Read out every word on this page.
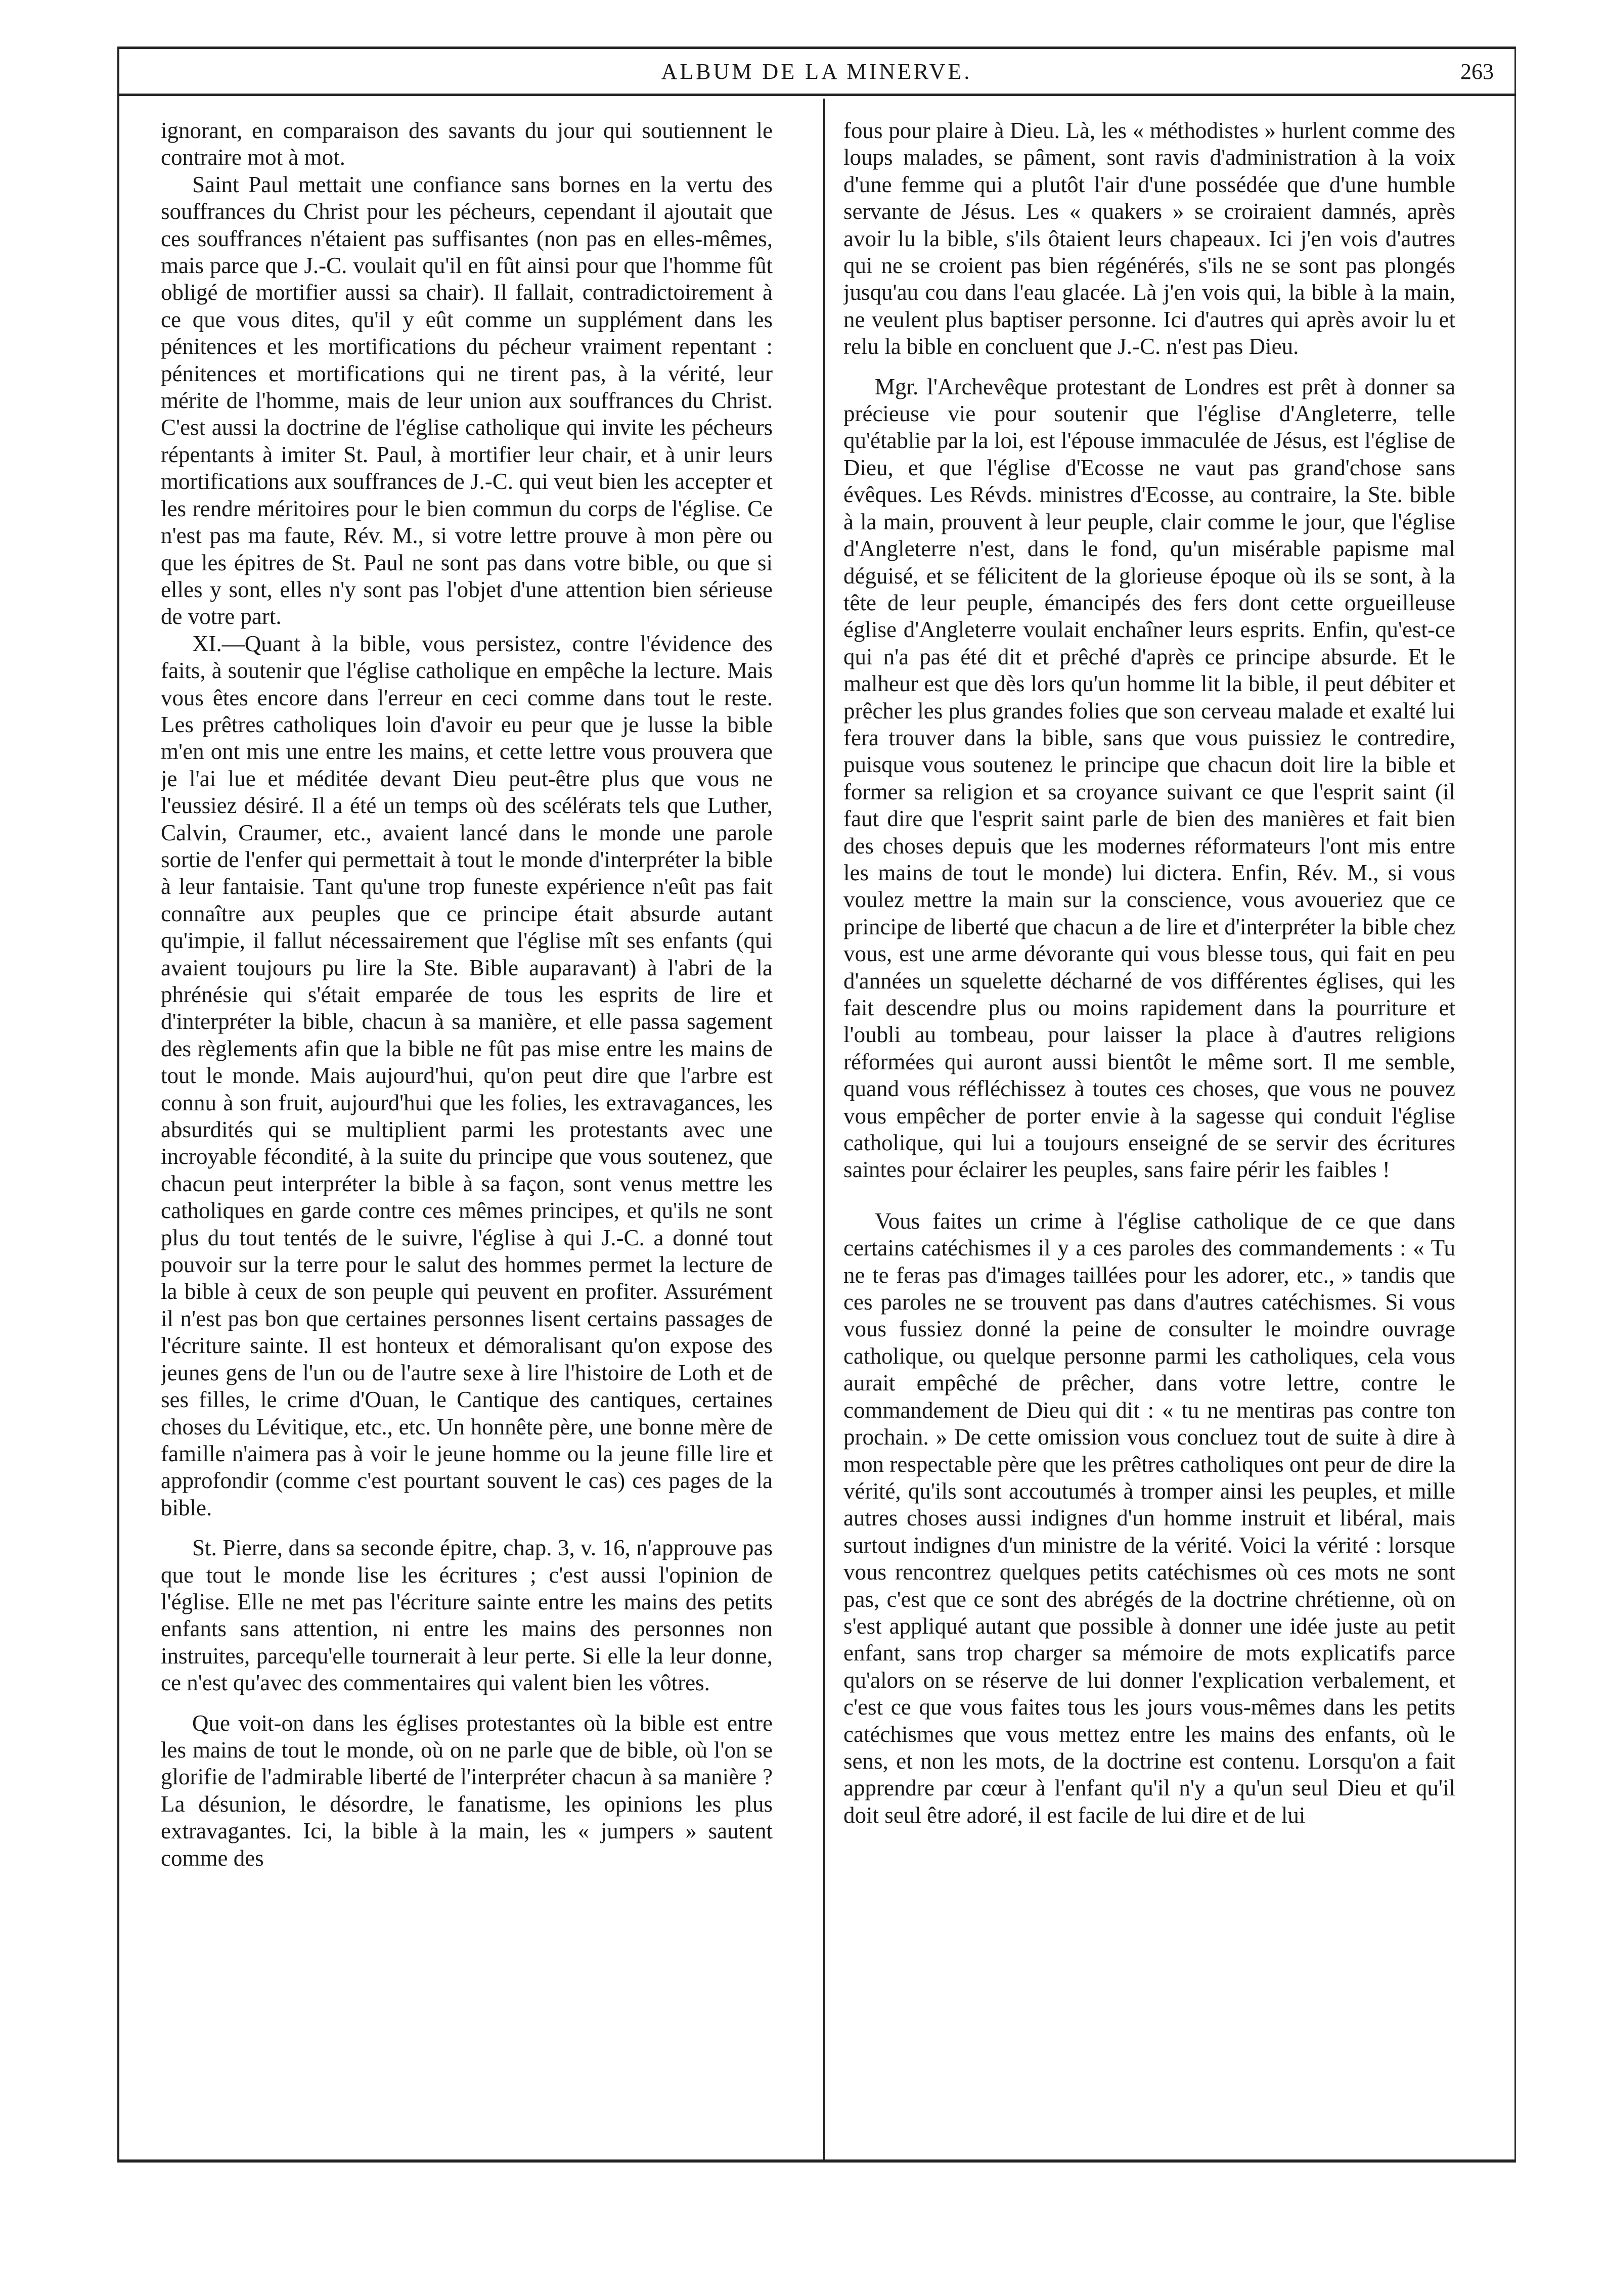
ALBUM DE LA MINERVE.	263

ignorant, en comparaison des savants du jour qui soutiennent le contraire mot à mot.

Saint Paul mettait une confiance sans bornes en la vertu des souffrances du Christ pour les pécheurs, cependant il ajoutait que ces souffrances n'étaient pas suffisantes (non pas en elles-mêmes, mais parce que J.-C. voulait qu'il en fût ainsi pour que l'homme fût obligé de mortifier aussi sa chair). Il fallait, contradictoirement à ce que vous dites, qu'il y eût comme un supplément dans les pénitences et les mortifications du pécheur vraiment repentant : pénitences et mortifications qui ne tirent pas, à la vérité, leur mérite de l'homme, mais de leur union aux souffrances du Christ. C'est aussi la doctrine de l'église catholique qui invite les pécheurs répentants à imiter St. Paul, à mortifier leur chair, et à unir leurs mortifications aux souffrances de J.-C. qui veut bien les accepter et les rendre méritoires pour le bien commun du corps de l'église. Ce n'est pas ma faute, Rév. M., si votre lettre prouve à mon père ou que les épitres de St. Paul ne sont pas dans votre bible, ou que si elles y sont, elles n'y sont pas l'objet d'une attention bien sérieuse de votre part.

XI.—Quant à la bible, vous persistez, contre l'évidence des faits, à soutenir que l'église catholique en empêche la lecture. Mais vous êtes encore dans l'erreur en ceci comme dans tout le reste. Les prêtres catholiques loin d'avoir eu peur que je lusse la bible m'en ont mis une entre les mains, et cette lettre vous prouvera que je l'ai lue et méditée devant Dieu peut-être plus que vous ne l'eussiez désiré. Il a été un temps où des scélérats tels que Luther, Calvin, Craumer, etc., avaient lancé dans le monde une parole sortie de l'enfer qui permettait à tout le monde d'interpréter la bible à leur fantaisie. Tant qu'une trop funeste expérience n'eût pas fait connaître aux peuples que ce principe était absurde autant qu'impie, il fallut nécessairement que l'église mît ses enfants (qui avaient toujours pu lire la Ste. Bible auparavant) à l'abri de la phrénésie qui s'était emparée de tous les esprits de lire et d'interpréter la bible, chacun à sa manière, et elle passa sagement des règlements afin que la bible ne fût pas mise entre les mains de tout le monde. Mais aujourd'hui, qu'on peut dire que l'arbre est connu à son fruit, aujourd'hui que les folies, les extravagances, les absurdités qui se multiplient parmi les protestants avec une incroyable fécondité, à la suite du principe que vous soutenez, que chacun peut interpréter la bible à sa façon, sont venus mettre les catholiques en garde contre ces mêmes principes, et qu'ils ne sont plus du tout tentés de le suivre, l'église à qui J.-C. a donné tout pouvoir sur la terre pour le salut des hommes permet la lecture de la bible à ceux de son peuple qui peuvent en profiter. Assurément il n'est pas bon que certaines personnes lisent certains passages de l'écriture sainte. Il est honteux et démoralisant qu'on expose des jeunes gens de l'un ou de l'autre sexe à lire l'histoire de Loth et de ses filles, le crime d'Ouan, le Cantique des cantiques, certaines choses du Lévitique, etc., etc. Un honnête père, une bonne mère de famille n'aimera pas à voir le jeune homme ou la jeune fille lire et approfondir (comme c'est pourtant souvent le cas) ces pages de la bible.

St. Pierre, dans sa seconde épitre, chap. 3, v. 16, n'approuve pas que tout le monde lise les écritures ; c'est aussi l'opinion de l'église. Elle ne met pas l'écriture sainte entre les mains des petits enfants sans attention, ni entre les mains des personnes non instruites, parcequ'elle tournerait à leur perte. Si elle la leur donne, ce n'est qu'avec des commentaires qui valent bien les vôtres.

Que voit-on dans les églises protestantes où la bible est entre les mains de tout le monde, où on ne parle que de bible, où l'on se glorifie de l'admirable liberté de l'interpréter chacun à sa manière ? La désunion, le désordre, le fanatisme, les opinions les plus extravagantes. Ici, la bible à la main, les « jumpers » sautent comme des

fous pour plaire à Dieu. Là, les « méthodistes » hurlent comme des loups malades, se pâment, sont ravis d'administration à la voix d'une femme qui a plutôt l'air d'une possédée que d'une humble servante de Jésus. Les « quakers » se croiraient damnés, après avoir lu la bible, s'ils ôtaient leurs chapeaux. Ici j'en vois d'autres qui ne se croient pas bien régénérés, s'ils ne se sont pas plongés jusqu'au cou dans l'eau glacée. Là j'en vois qui, la bible à la main, ne veulent plus baptiser personne. Ici d'autres qui après avoir lu et relu la bible en concluent que J.-C. n'est pas Dieu.

Mgr. l'Archevêque protestant de Londres est prêt à donner sa précieuse vie pour soutenir que l'église d'Angleterre, telle qu'établie par la loi, est l'épouse immaculée de Jésus, est l'église de Dieu, et que l'église d'Ecosse ne vaut pas grand'chose sans évêques. Les Révds. ministres d'Ecosse, au contraire, la Ste. bible à la main, prouvent à leur peuple, clair comme le jour, que l'église d'Angleterre n'est, dans le fond, qu'un misérable papisme mal déguisé, et se félicitent de la glorieuse époque où ils se sont, à la tête de leur peuple, émancipés des fers dont cette orgueilleuse église d'Angleterre voulait enchaîner leurs esprits. Enfin, qu'est-ce qui n'a pas été dit et prêché d'après ce principe absurde. Et le malheur est que dès lors qu'un homme lit la bible, il peut débiter et prêcher les plus grandes folies que son cerveau malade et exalté lui fera trouver dans la bible, sans que vous puissiez le contredire, puisque vous soutenez le principe que chacun doit lire la bible et former sa religion et sa croyance suivant ce que l'esprit saint (il faut dire que l'esprit saint parle de bien des manières et fait bien des choses depuis que les modernes réformateurs l'ont mis entre les mains de tout le monde) lui dictera. Enfin, Rév. M., si vous voulez mettre la main sur la conscience, vous avoueriez que ce principe de liberté que chacun a de lire et d'interpréter la bible chez vous, est une arme dévorante qui vous blesse tous, qui fait en peu d'années un squelette décharné de vos différentes églises, qui les fait descendre plus ou moins rapidement dans la pourriture et l'oubli au tombeau, pour laisser la place à d'autres religions réformées qui auront aussi bientôt le même sort. Il me semble, quand vous réfléchissez à toutes ces choses, que vous ne pouvez vous empêcher de porter envie à la sagesse qui conduit l'église catholique, qui lui a toujours enseigné de se servir des écritures saintes pour éclairer les peuples, sans faire périr les faibles !

Vous faites un crime à l'église catholique de ce que dans certains catéchismes il y a ces paroles des commandements : « Tu ne te feras pas d'images taillées pour les adorer, etc., » tandis que ces paroles ne se trouvent pas dans d'autres catéchismes. Si vous vous fussiez donné la peine de consulter le moindre ouvrage catholique, ou quelque personne parmi les catholiques, cela vous aurait empêché de prêcher, dans votre lettre, contre le commandement de Dieu qui dit : « tu ne mentiras pas contre ton prochain. » De cette omission vous concluez tout de suite à dire à mon respectable père que les prêtres catholiques ont peur de dire la vérité, qu'ils sont accoutumés à tromper ainsi les peuples, et mille autres choses aussi indignes d'un homme instruit et libéral, mais surtout indignes d'un ministre de la vérité. Voici la vérité : lorsque vous rencontrez quelques petits catéchismes où ces mots ne sont pas, c'est que ce sont des abrégés de la doctrine chrétienne, où on s'est appliqué autant que possible à donner une idée juste au petit enfant, sans trop charger sa mémoire de mots explicatifs parce qu'alors on se réserve de lui donner l'explication verbalement, et c'est ce que vous faites tous les jours vous-mêmes dans les petits catéchismes que vous mettez entre les mains des enfants, où le sens, et non les mots, de la doctrine est contenu. Lorsqu'on a fait apprendre par cœur à l'enfant qu'il n'y a qu'un seul Dieu et qu'il doit seul être adoré, il est facile de lui dire et de lui
